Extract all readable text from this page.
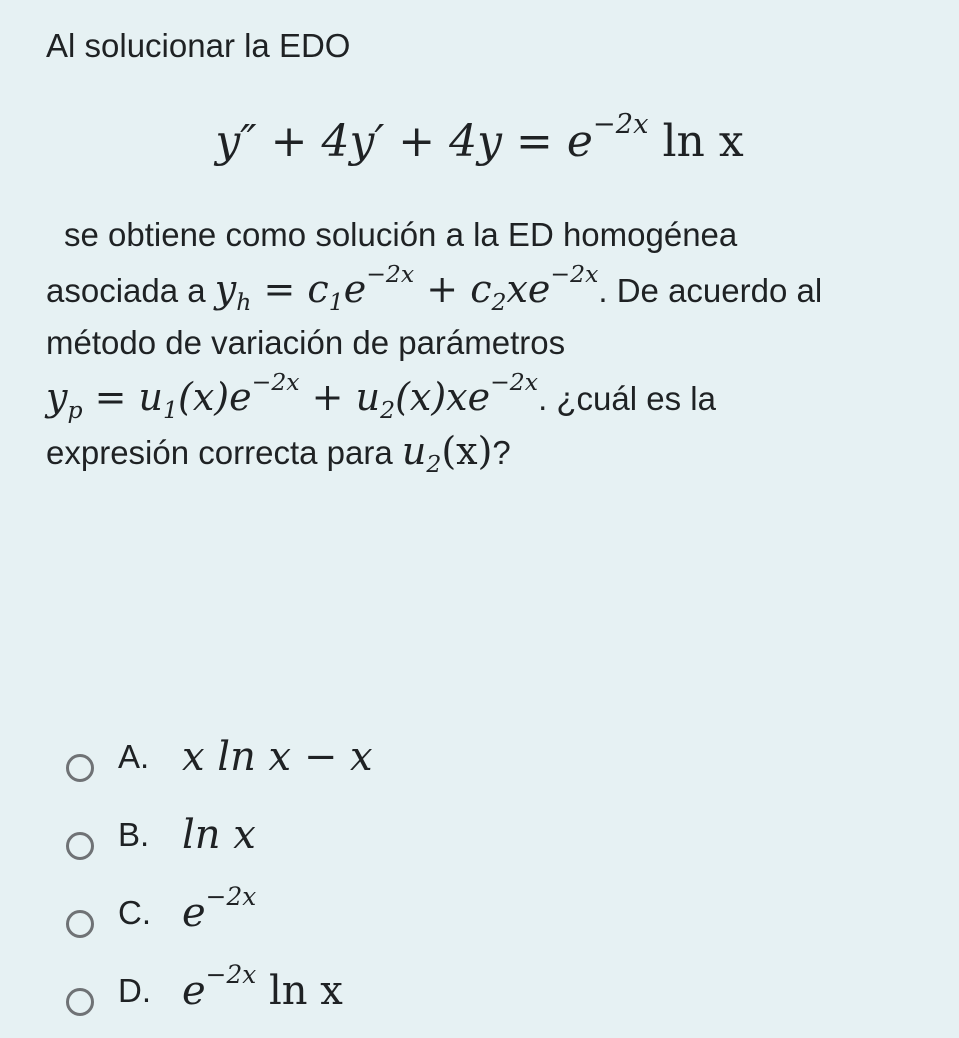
Al solucionar la EDO
$y'' + 4y' + 4y = e^{-2x}$ ln x
se obtiene como solución a la ED homogénea
asociada a $y_h = c_1e^{-2x} + c_2xe^{-2x}$. De acuerdo al
método de variación de parámetros
$y_p = u_1(x)e^{-2x} + u_2(x)xe^{-2x}$. ¿cuál es la
expresión correcta para $u_2(x)$?
A. x ln x − x
B. ln x
C. $e^{-2x}$
D. $e^{-2x}$ ln x
